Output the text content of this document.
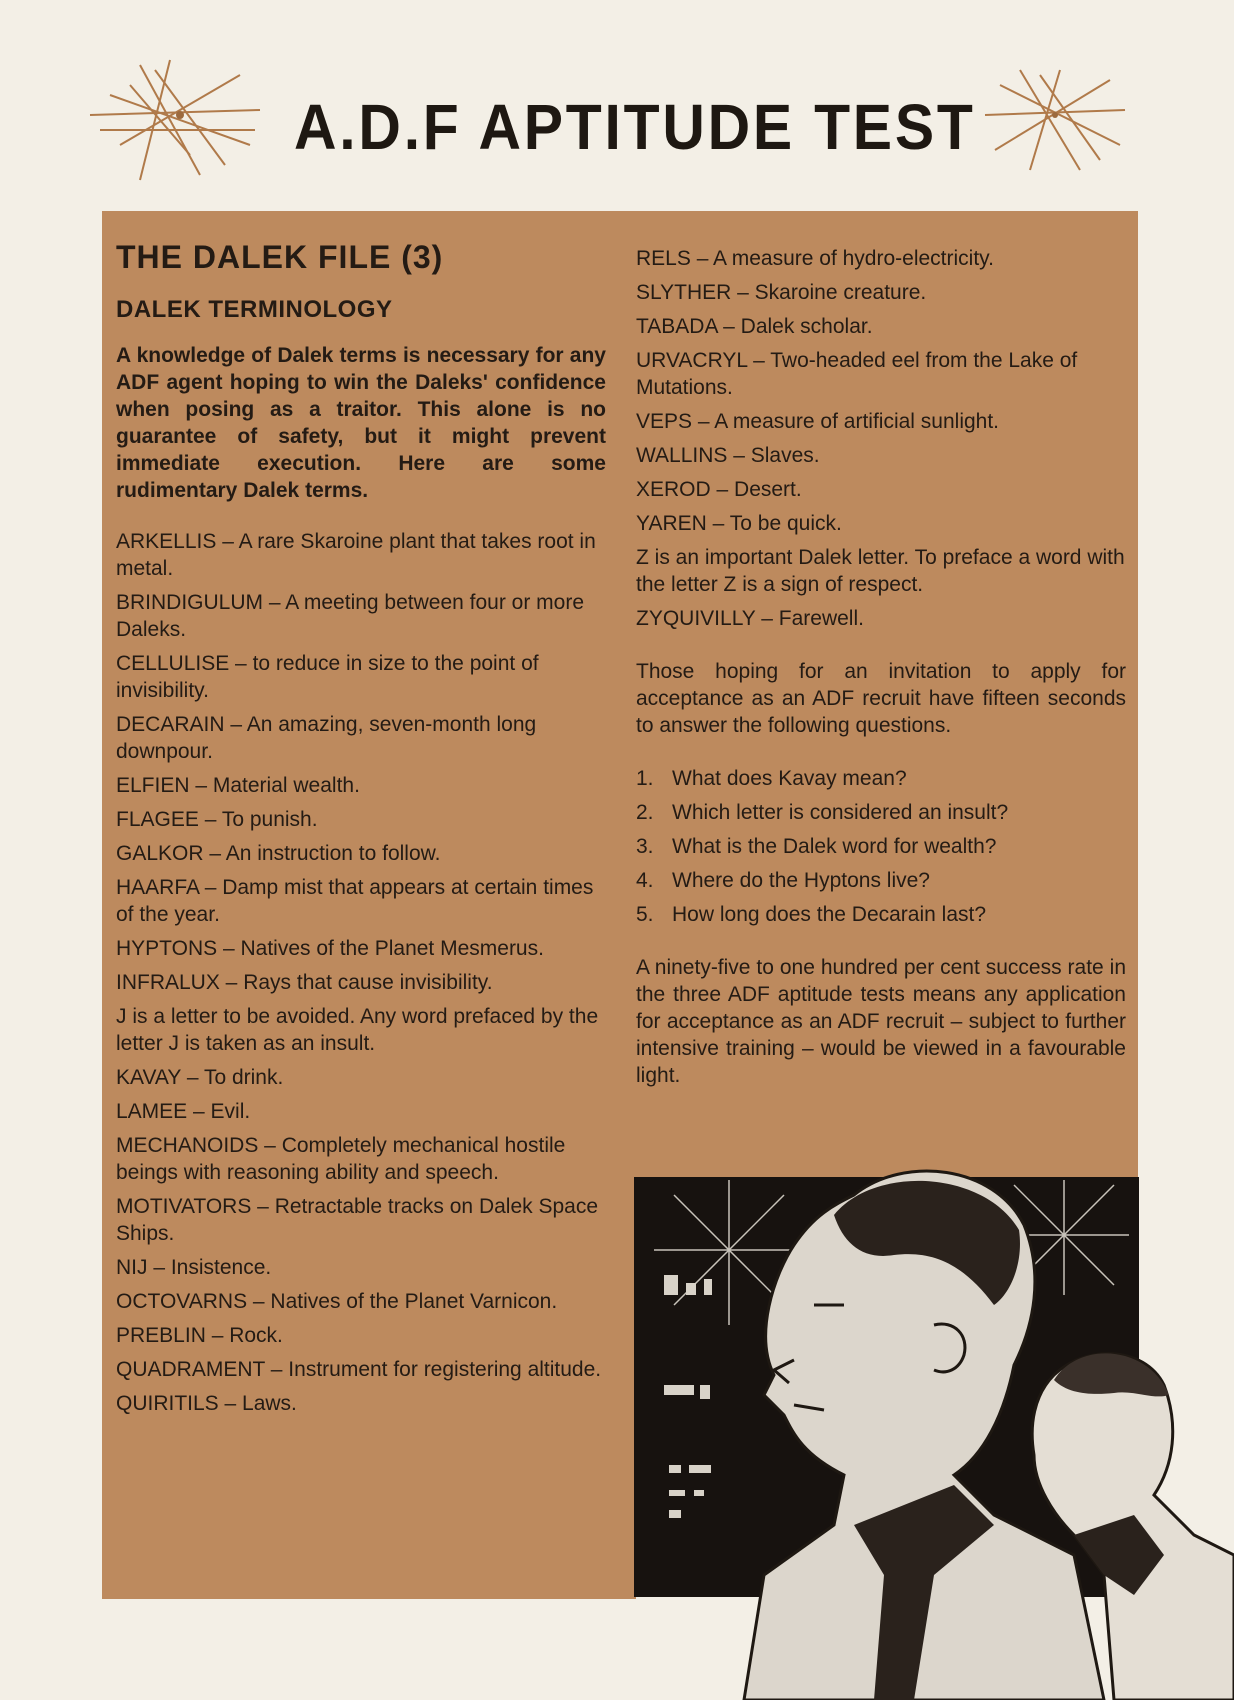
A.D.F APTITUDE TEST
THE DALEK FILE (3)
DALEK TERMINOLOGY

A knowledge of Dalek terms is necessary for any ADF agent hoping to win the Daleks' confidence when posing as a traitor. This alone is no guarantee of safety, but it might prevent immediate execution. Here are some rudimentary Dalek terms.

ARKELLIS – A rare Skaroine plant that takes root in metal.

BRINDIGULUM – A meeting between four or more Daleks.

CELLULISE – to reduce in size to the point of invisibility.

DECARAIN – An amazing, seven-month long downpour.

ELFIEN – Material wealth.

FLAGEE – To punish.

GALKOR – An instruction to follow.

HAARFA – Damp mist that appears at certain times of the year.

HYPTONS – Natives of the Planet Mesmerus.

INFRALUX – Rays that cause invisibility.

J is a letter to be avoided. Any word prefaced by the letter J is taken as an insult.

KAVAY – To drink.

LAMEE – Evil.

MECHANOIDS – Completely mechanical hostile beings with reasoning ability and speech.

MOTIVATORS – Retractable tracks on Dalek Space Ships.

NIJ – Insistence.

OCTOVARNS – Natives of the Planet Varnicon.

PREBLIN – Rock.

QUADRAMENT – Instrument for registering altitude.

QUIRITILS – Laws.

RELS – A measure of hydro-electricity.

SLYTHER – Skaroine creature.

TABADA – Dalek scholar.

URVACRYL – Two-headed eel from the Lake of Mutations.

VEPS – A measure of artificial sunlight.

WALLINS – Slaves.

XEROD – Desert.

YAREN – To be quick.

Z is an important Dalek letter. To preface a word with the letter Z is a sign of respect.

ZYQUIVILLY – Farewell.

Those hoping for an invitation to apply for acceptance as an ADF recruit have fifteen seconds to answer the following questions.

1. What does Kavay mean?
2. Which letter is considered an insult?
3. What is the Dalek word for wealth?
4. Where do the Hyptons live?
5. How long does the Decarain last?

A ninety-five to one hundred per cent success rate in the three ADF aptitude tests means any application for acceptance as an ADF recruit – subject to further intensive training – would be viewed in a favourable light.
